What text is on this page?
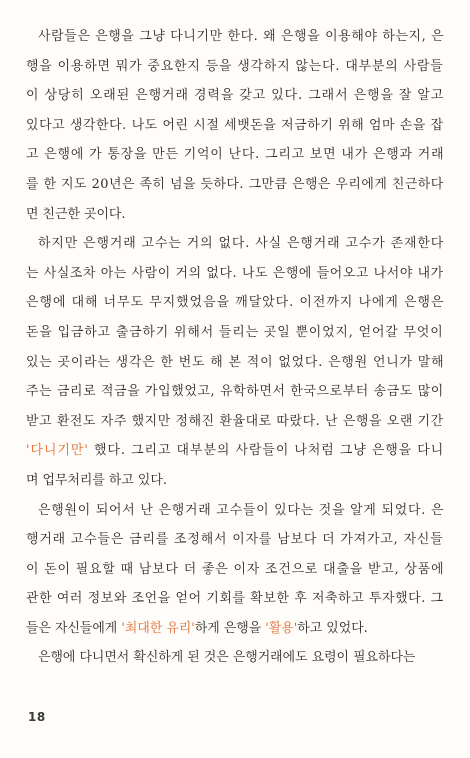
사람들은 은행을 그냥 다니기만 한다. 왜 은행을 이용해야 하는지, 은
행을 이용하면 뭐가 중요한지 등을 생각하지 않는다. 대부분의 사람들
이 상당히 오래된 은행거래 경력을 갖고 있다. 그래서 은행을 잘 알고
있다고 생각한다. 나도 어린 시절 세뱃돈을 저금하기 위해 엄마 손을 잡
고 은행에 가 통장을 만든 기억이 난다. 그리고 보면 내가 은행과 거래
를 한 지도 20년은 족히 넘을 듯하다. 그만큼 은행은 우리에게 친근하다
면 친근한 곳이다.
하지만 은행거래 고수는 거의 없다. 사실 은행거래 고수가 존재한다
는 사실조차 아는 사람이 거의 없다. 나도 은행에 들어오고 나서야 내가
은행에 대해 너무도 무지했었음을 깨달았다. 이전까지 나에게 은행은
돈을 입금하고 출금하기 위해서 들리는 곳일 뿐이었지, 얻어갈 무엇이
있는 곳이라는 생각은 한 번도 해 본 적이 없었다. 은행원 언니가 말해
주는 금리로 적금을 가입했었고, 유학하면서 한국으로부터 송금도 많이
받고 환전도 자주 했지만 정해진 환율대로 따랐다. 난 은행을 오랜 기간
'다니기만' 했다. 그리고 대부분의 사람들이 나처럼 그냥 은행을 다니
며 업무처리를 하고 있다.
은행원이 되어서 난 은행거래 고수들이 있다는 것을 알게 되었다. 은
행거래 고수들은 금리를 조정해서 이자를 남보다 더 가져가고, 자신들
이 돈이 필요할 때 남보다 더 좋은 이자 조건으로 대출을 받고, 상품에
관한 여러 정보와 조언을 얻어 기회를 확보한 후 저축하고 투자했다. 그
들은 자신들에게 '최대한 유리'하게 은행을 '활용'하고 있었다.
은행에 다니면서 확신하게 된 것은 은행거래에도 요령이 필요하다는
18
